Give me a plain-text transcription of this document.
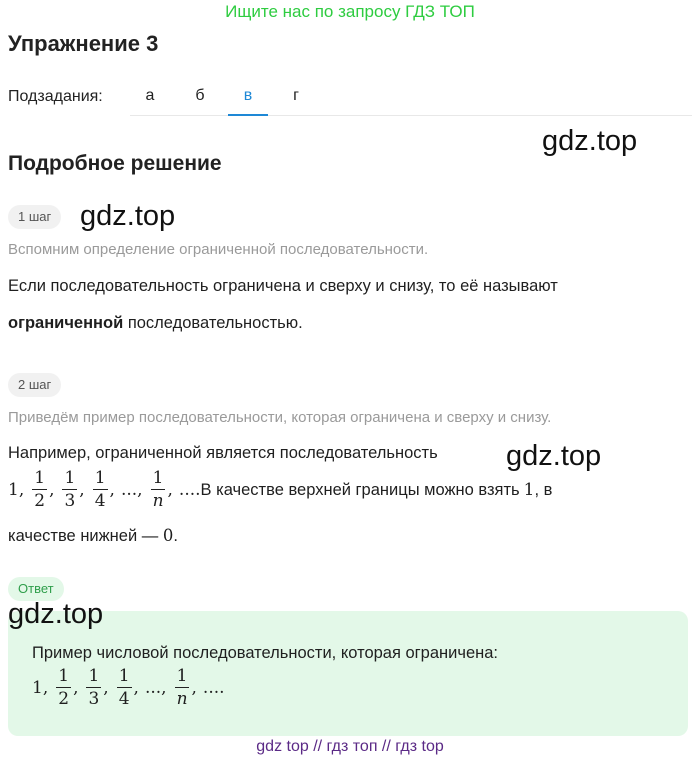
Ищите нас по запросу ГДЗ ТОП
Упражнение 3
Подзадания:	а	б	в	г
gdz.top
Подробное решение
1 шаг gdz.top
Вспомним определение ограниченной последовательности.
Если последовательность ограничена и сверху и снизу, то её называют
ограниченной последовательностью.
2 шаг
Приведём пример последовательности, которая ограничена и сверху и снизу.
Например, ограниченной является последовательность gdz.top
1, $\frac{1}{2}$ , $\frac{1}{3}$ , $\frac{1}{4}$ , ..., $\frac{1}{n}$ , .... В качестве верхней границы можно взять 1 , в
качестве нижней — 0.
Ответ
gdz.top
Пример числовой последовательности, которая ограничена:
1, $\frac{1}{2}$ , $\frac{1}{3}$ , $\frac{1}{4}$ , ..., $\frac{1}{n}$ , ....
gdz top // гдз топ // гдз top
